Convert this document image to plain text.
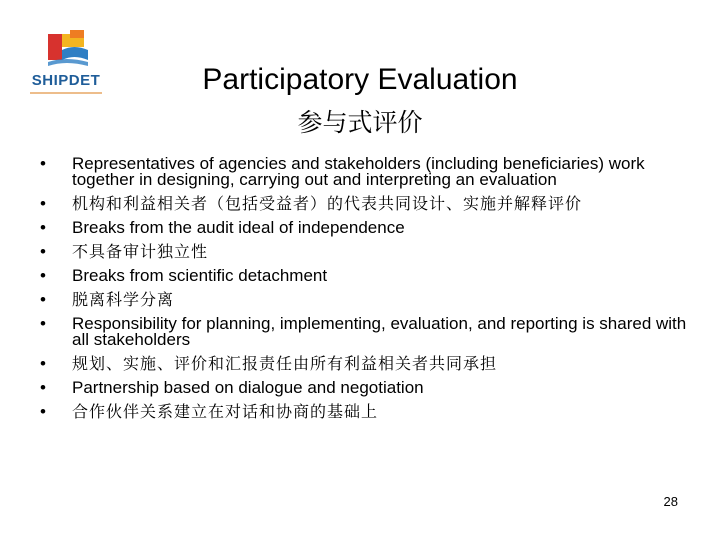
SHIPDET	Participatory Evaluation
参与式评价
•	Representatives of agencies and stakeholders (including beneficiaries) work together in designing, carrying out and interpreting an evaluation
•	机构和利益相关者（包括受益者）的代表共同设计、实施并解释评价
•	Breaks from the audit ideal of independence
•	不具备审计独立性
•	Breaks from scientific detachment
•	脱离科学分离
•	Responsibility for planning, implementing, evaluation, and reporting is shared with all stakeholders
•	规划、实施、评价和汇报责任由所有利益相关者共同承担
•	Partnership based on dialogue and negotiation
•	合作伙伴关系建立在对话和协商的基础上
28
